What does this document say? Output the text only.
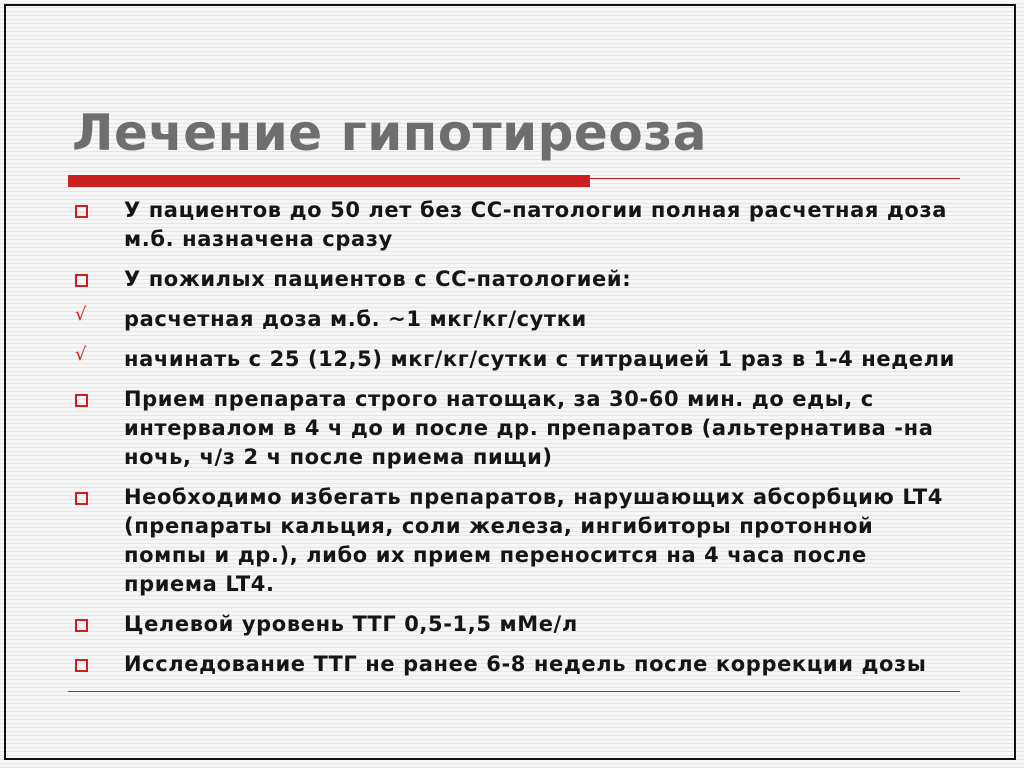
Лечение гипотиреоза
У пациентов до 50 лет без СС-патологии полная расчетная доза м.б. назначена сразу
У пожилых пациентов с СС-патологией:
√ расчетная доза м.б. ~1 мкг/кг/сутки
√ начинать с 25 (12,5) мкг/кг/сутки с титрацией 1 раз в 1-4 недели
Прием препарата строго натощак, за 30-60 мин. до еды, с интервалом в 4 ч до и после др. препаратов (альтернатива -на ночь, ч/з 2 ч после приема пищи)
Необходимо избегать препаратов, нарушающих абсорбцию LT4 (препараты кальция, соли железа, ингибиторы протонной помпы и др.), либо их прием переносится на 4 часа после приема LT4.
Целевой уровень ТТГ 0,5-1,5 мМе/л
Исследование ТТГ не ранее 6-8 недель после коррекции дозы
